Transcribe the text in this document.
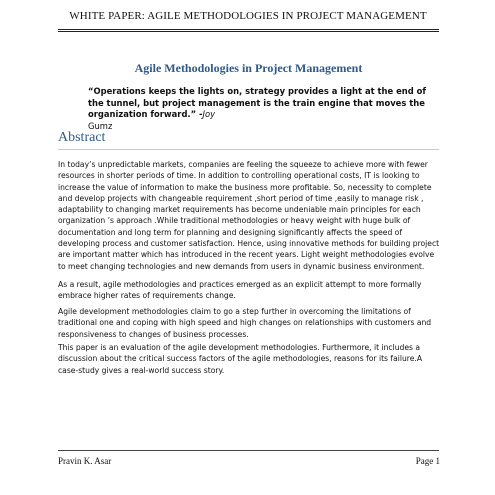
WHITE PAPER: AGILE METHODOLOGIES IN PROJECT MANAGEMENT
Agile Methodologies in Project Management
“Operations keeps the lights on, strategy provides a light at the end of the tunnel, but project management is the train engine that moves the organization forward.” -Joy
Gumz
Abstract
In today’s unpredictable markets, companies are feeling the squeeze to achieve more with fewer resources in shorter periods of time. In addition to controlling operational costs, IT is looking to increase the value of information to make the business more profitable. So, necessity to complete and develop projects with changeable requirement ,short period of time ,easily to manage risk , adaptability to changing market requirements has become undeniable main principles for each organization ’s approach .While traditional methodologies or heavy weight with huge bulk of documentation and long term for planning and designing significantly affects the speed of developing process and customer satisfaction. Hence, using innovative methods for building project are important matter which has introduced in the recent years. Light weight methodologies evolve to meet changing technologies and new demands from users in dynamic business environment.
As a result, agile methodologies and practices emerged as an explicit attempt to more formally embrace higher rates of requirements change.
Agile development methodologies claim to go a step further in overcoming the limitations of traditional one and coping with high speed and high changes on relationships with customers and responsiveness to changes of business processes.
This paper is an evaluation of the agile development methodologies. Furthermore, it includes a discussion about the critical success factors of the agile methodologies, reasons for its failure.A case-study gives a real-world success story.
Pravin K. Asar	Page 1
